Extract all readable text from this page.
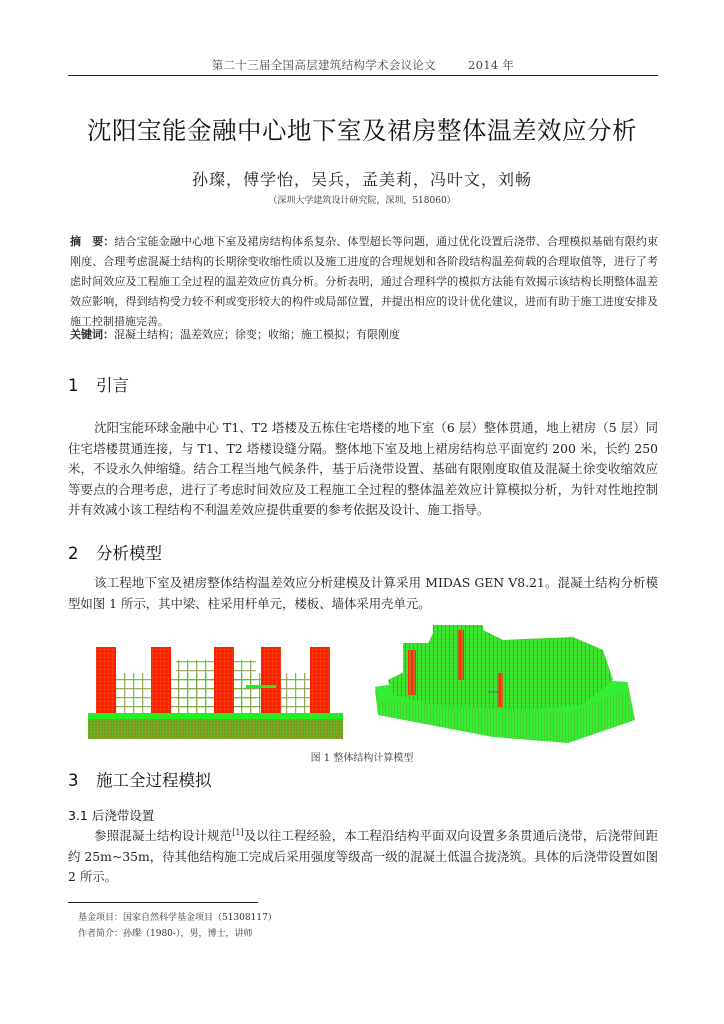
第二十三届全国高层建筑结构学术会议论文	2014 年
沈阳宝能金融中心地下室及裙房整体温差效应分析
孙璨，傅学怡，吴兵，孟美莉，冯叶文，刘畅
（深圳大学建筑设计研究院，深圳，518060）
摘　要：结合宝能金融中心地下室及裙房结构体系复杂、体型超长等问题，通过优化设置后浇带、合理模拟基础有限约束刚度、合理考虑混凝土结构的长期徐变收缩性质以及施工进度的合理规划和各阶段结构温差荷载的合理取值等，进行了考虑时间效应及工程施工全过程的温差效应仿真分析。分析表明，通过合理科学的模拟方法能有效揭示该结构长期整体温差效应影响，得到结构受力较不利或变形较大的构件或局部位置，并提出相应的设计优化建议，进而有助于施工进度安排及施工控制措施完善。
关键词：混凝土结构；温差效应；徐变；收缩；施工模拟；有限刚度
1 引言
沈阳宝能环球金融中心 T1、T2 塔楼及五栋住宅塔楼的地下室（6 层）整体贯通，地上裙房（5 层）同住宅塔楼贯通连接，与 T1、T2 塔楼设缝分隔。整体地下室及地上裙房结构总平面宽约 200 米，长约 250 米，不设永久伸缩缝。结合工程当地气候条件，基于后浇带设置、基础有限刚度取值及混凝土徐变收缩效应等要点的合理考虑，进行了考虑时间效应及工程施工全过程的整体温差效应计算模拟分析，为针对性地控制并有效减小该工程结构不利温差效应提供重要的参考依据及设计、施工指导。
2 分析模型
该工程地下室及裙房整体结构温差效应分析建模及计算采用 MIDAS GEN V8.21。混凝土结构分析模型如图 1 所示，其中梁、柱采用杆单元，楼板、墙体采用壳单元。
▭▭▭
图 1 整体结构计算模型
3 施工全过程模拟
3.1 后浇带设置
参照混凝土结构设计规范[1]及以往工程经验，本工程沿结构平面双向设置多条贯通后浇带，后浇带间距约 25m~35m，待其他结构施工完成后采用强度等级高一级的混凝土低温合拢浇筑。具体的后浇带设置如图 2 所示。
基金项目：国家自然科学基金项目（51308117）
作者简介：孙璨（1980-），男，博士，讲师
